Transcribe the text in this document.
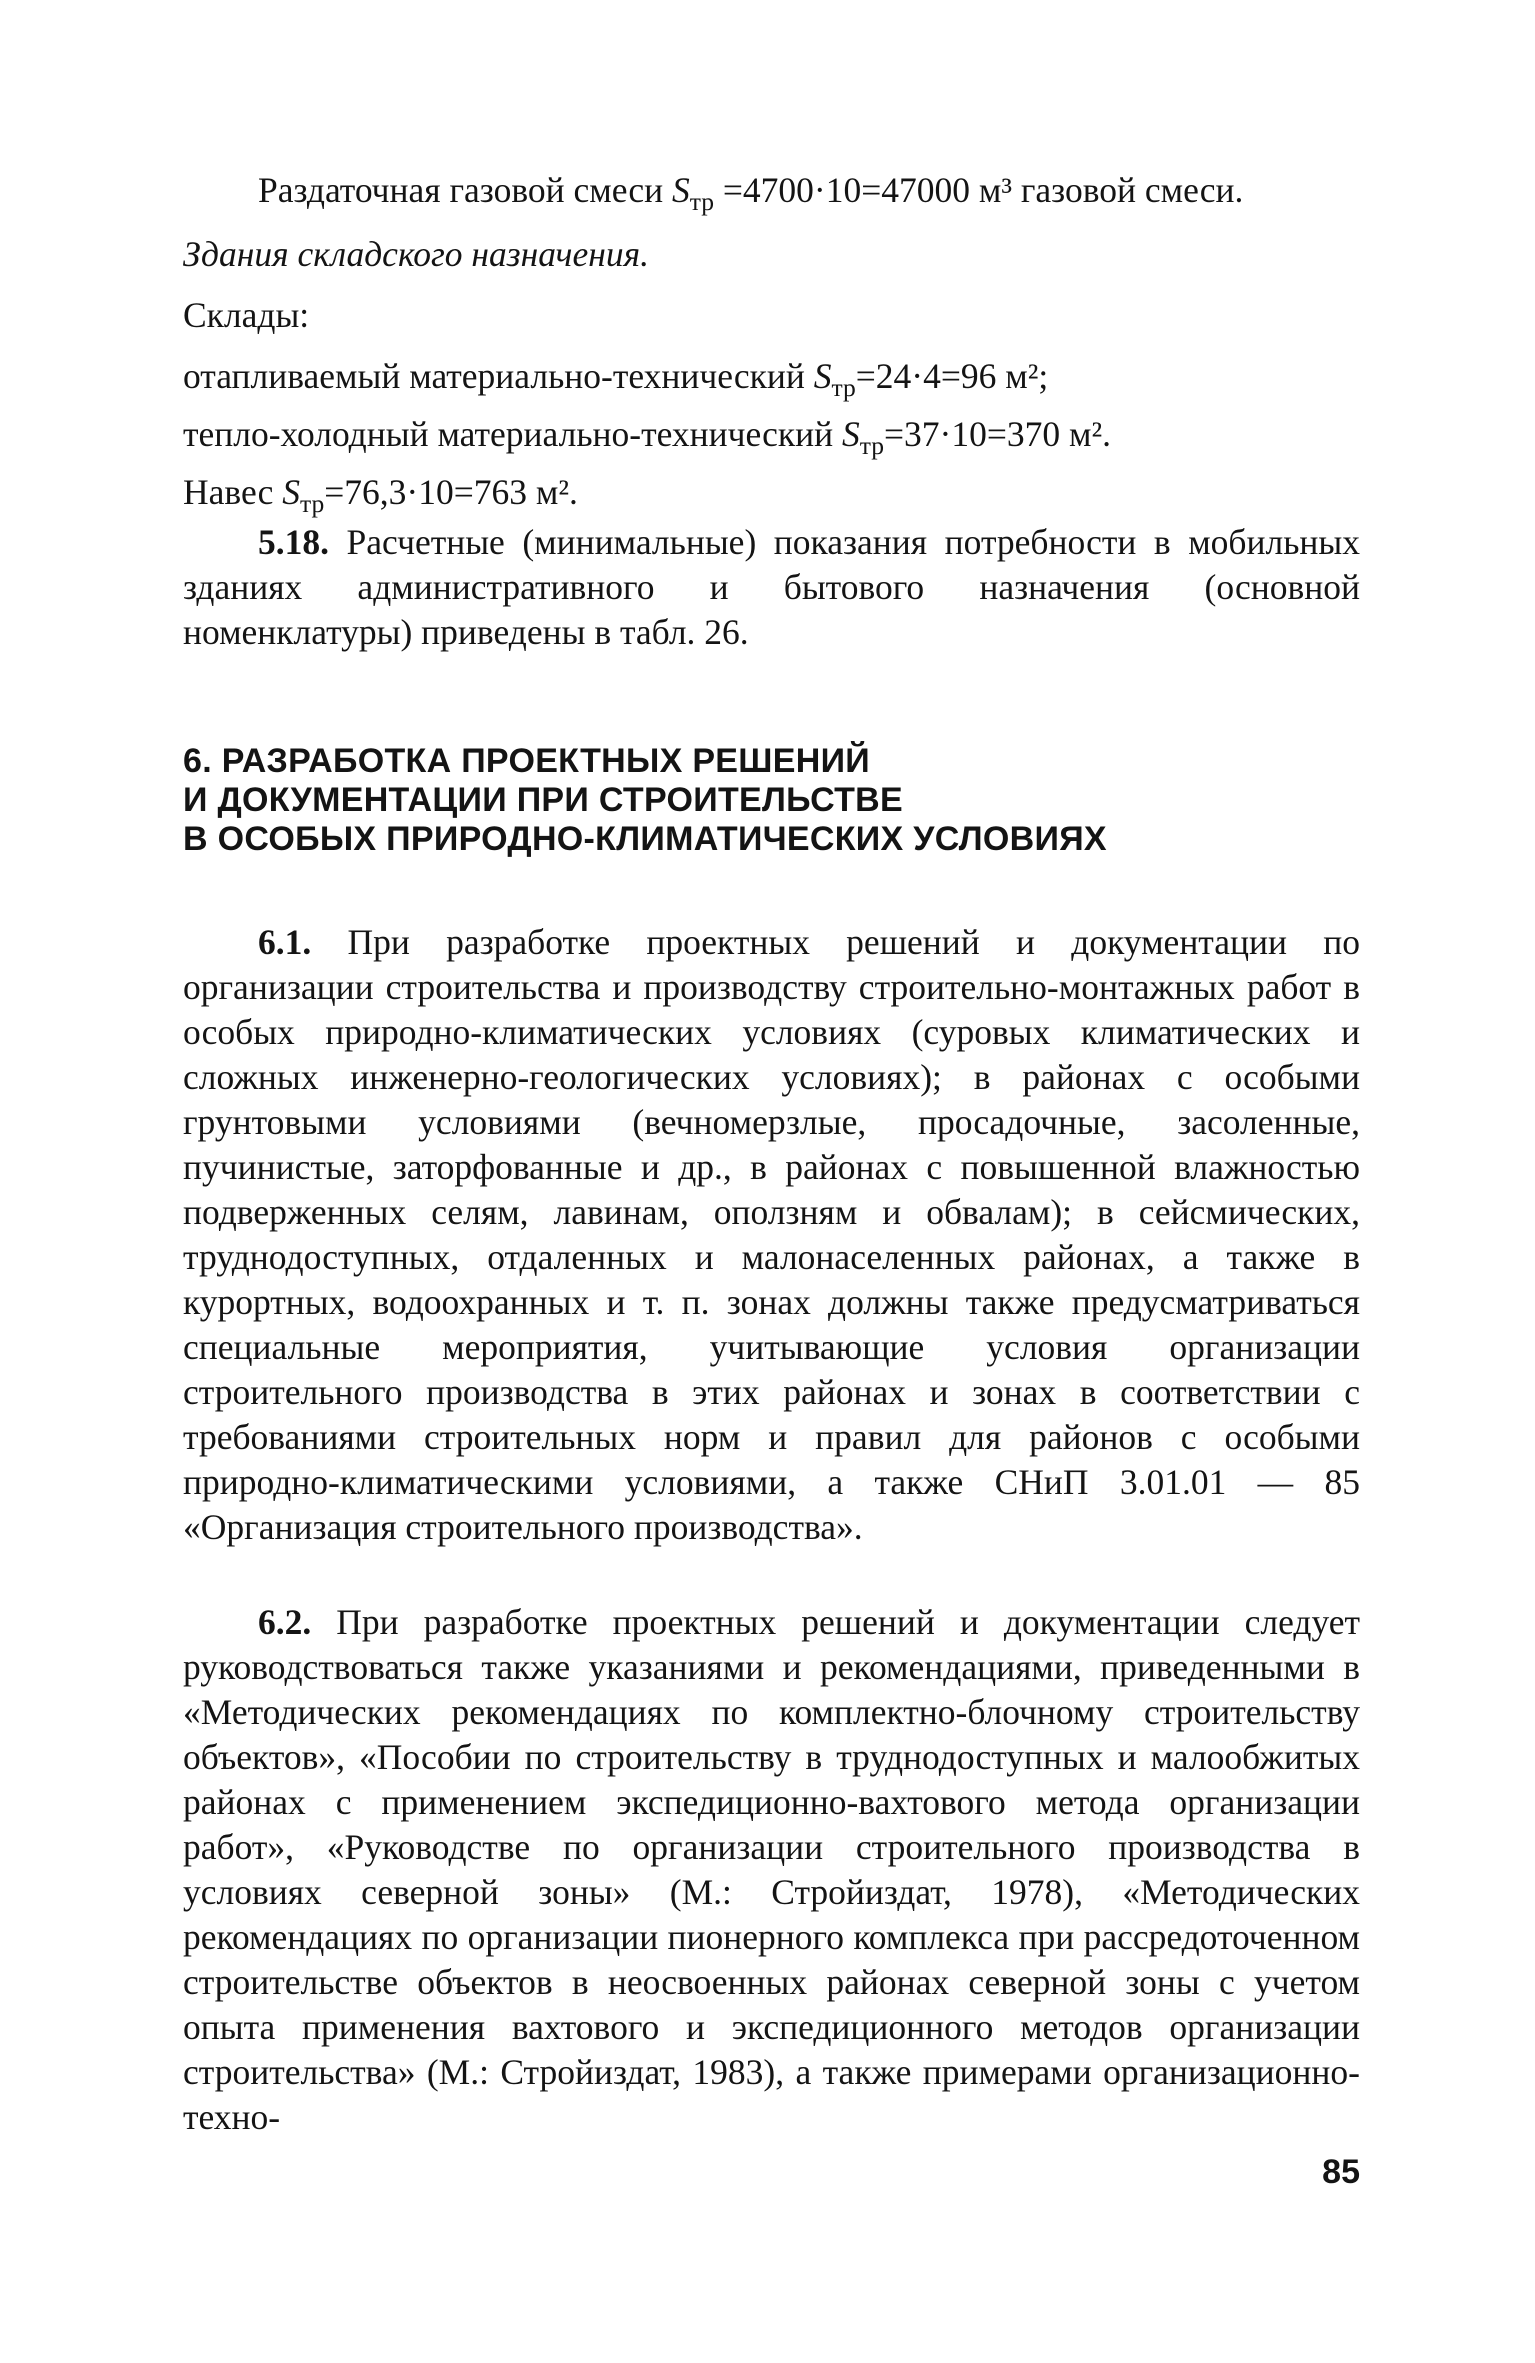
Раздаточная газовой смеси $S_{тр} =4700\cdot 10=47000$ м³ газовой смеси.

Здания складского назначения.

Склады:

отапливаемый материально-технический $S_{тр}=24\cdot 4=96$ м²;

тепло-холодный материально-технический $S_{тр}=37\cdot 10=370$ м².

Навес $S_{тр}=76,3\cdot 10=763$ м².

5.18. Расчетные (минимальные) показания потребности в мобильных зданиях административного и бытового назначения (основной номенклатуры) приведены в табл. 26.

6. РАЗРАБОТКА ПРОЕКТНЫХ РЕШЕНИЙ
И ДОКУМЕНТАЦИИ ПРИ СТРОИТЕЛЬСТВЕ
В ОСОБЫХ ПРИРОДНО-КЛИМАТИЧЕСКИХ УСЛОВИЯХ

6.1. При разработке проектных решений и документации по организации строительства и производству строительно-монтажных работ в особых природно-климатических условиях (суровых климатических и сложных инженерно-геологических условиях); в районах с особыми грунтовыми условиями (вечномерзлые, просадочные, засоленные, пучинистые, заторфованные и др., в районах с повышенной влажностью подверженных селям, лавинам, оползням и обвалам); в сейсмических, труднодоступных, отдаленных и малонаселенных районах, а также в курортных, водоохранных и т. п. зонах должны также предусматриваться специальные мероприятия, учитывающие условия организации строительного производства в этих районах и зонах в соответствии с требованиями строительных норм и правил для районов с особыми природно-климатическими условиями, а также СНиП 3.01.01 — 85 «Организация строительного производства».

6.2. При разработке проектных решений и документации следует руководствоваться также указаниями и рекомендациями, приведенными в «Методических рекомендациях по комплектно-блочному строительству объектов», «Пособии по строительству в труднодоступных и малообжитых районах с применением экспедиционно-вахтового метода организации работ», «Руководстве по организации строительного производства в условиях северной зоны» (М.: Стройиздат, 1978), «Методических рекомендациях по организации пионерного комплекса при рассредоточенном строительстве объектов в неосвоенных районах северной зоны с учетом опыта применения вахтового и экспедиционного методов организации строительства» (М.: Стройиздат, 1983), а также примерами организационно-техно-

85
